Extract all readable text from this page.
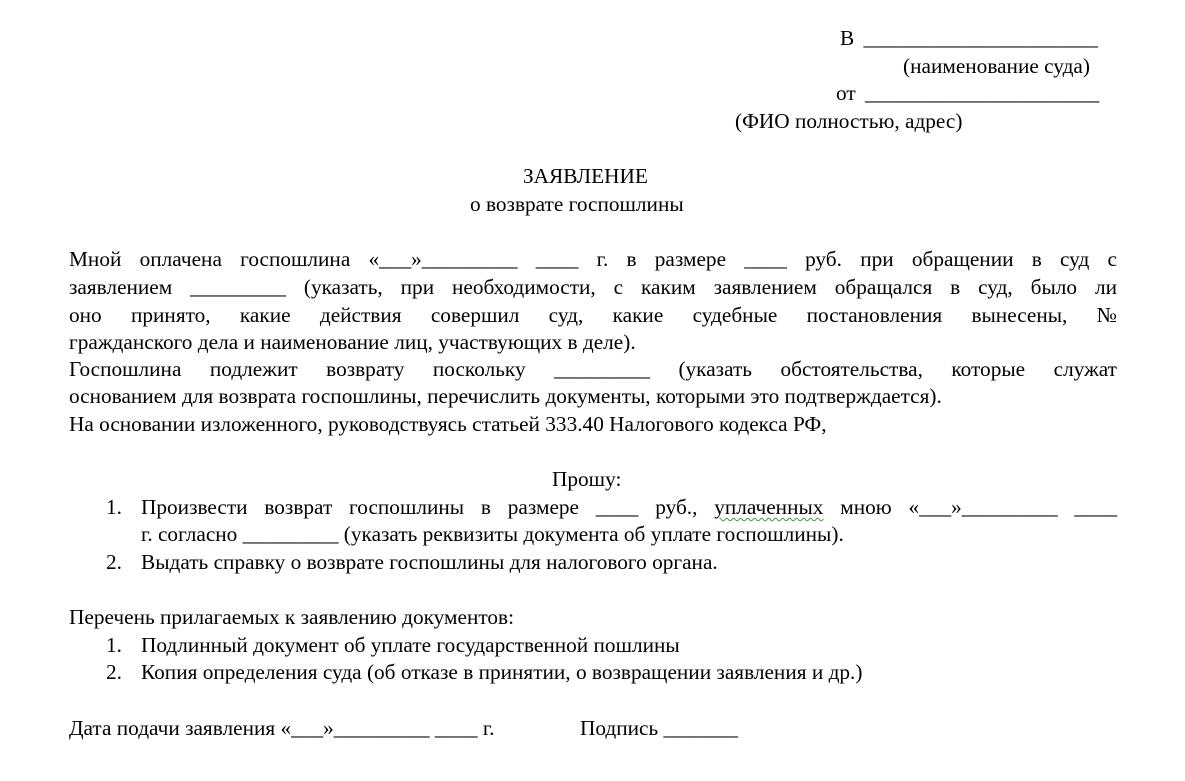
В ______________________
(наименование суда)
от ______________________
(ФИО полностью, адрес)
ЗАЯВЛЕНИЕ
о возврате госпошлины
Мной оплачена госпошлина «___»_________ ____ г. в размере ____ руб. при обращении в суд с
заявлением _________ (указать, при необходимости, с каким заявлением обращался в суд, было ли
оно принято, какие действия совершил суд, какие судебные постановления вынесены, №
гражданского дела и наименование лиц, участвующих в деле).
Госпошлина подлежит возврату поскольку _________ (указать обстоятельства, которые служат
основанием для возврата госпошлины, перечислить документы, которыми это подтверждается).
На основании изложенного, руководствуясь статьей 333.40 Налогового кодекса РФ,
Прошу:
1. Произвести возврат госпошлины в размере ____ руб., уплаченных мною «___»_________ ____
г. согласно _________ (указать реквизиты документа об уплате госпошлины).
2. Выдать справку о возврате госпошлины для налогового органа.
Перечень прилагаемых к заявлению документов:
1. Подлинный документ об уплате государственной пошлины
2. Копия определения суда (об отказе в принятии, о возвращении заявления и др.)
Дата подачи заявления «___»_________ ____ г.	Подпись _______
